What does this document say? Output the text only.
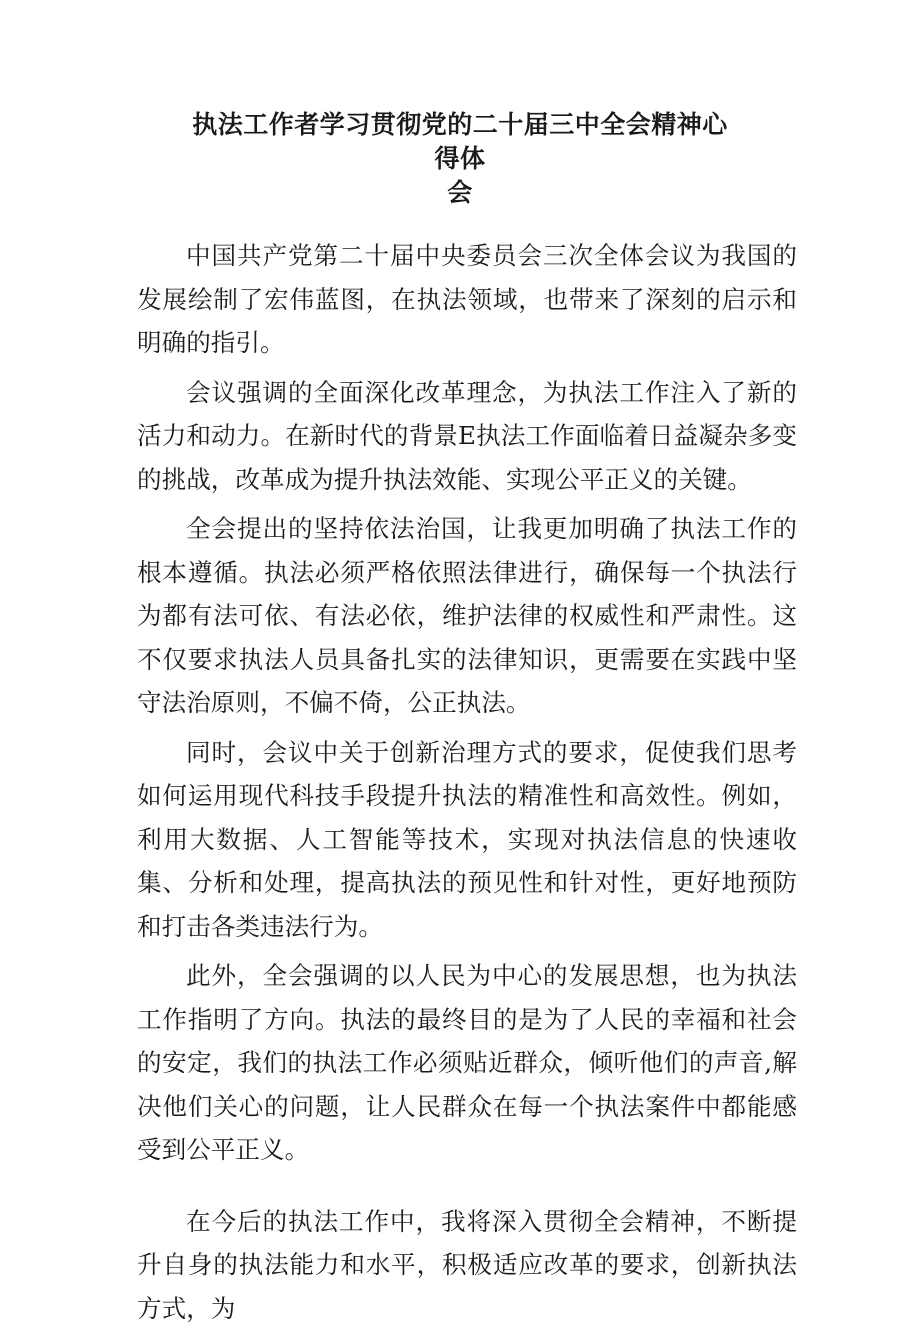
执法工作者学习贯彻党的二十届三中全会精神心得体
会

中国共产党第二十届中央委员会三次全体会议为我国的发展绘制了宏伟蓝图，在执法领域，也带来了深刻的启示和明确的指引。

会议强调的全面深化改革理念，为执法工作注入了新的活力和动力。在新时代的背景E执法工作面临着日益凝杂多变的挑战，改革成为提升执法效能、实现公平正义的关键。

全会提出的坚持依法治国，让我更加明确了执法工作的根本遵循。执法必须严格依照法律进行，确保每一个执法行为都有法可依、有法必依，维护法律的权威性和严肃性。这不仅要求执法人员具备扎实的法律知识，更需要在实践中坚守法治原则，不偏不倚，公正执法。

同时，会议中关于创新治理方式的要求，促使我们思考如何运用现代科技手段提升执法的精准性和高效性。例如，利用大数据、人工智能等技术，实现对执法信息的快速收集、分析和处理，提高执法的预见性和针对性，更好地预防和打击各类违法行为。

此外，全会强调的以人民为中心的发展思想，也为执法工作指明了方向。执法的最终目的是为了人民的幸福和社会的安定，我们的执法工作必须贴近群众，倾听他们的声音,解决他们关心的问题，让人民群众在每一个执法案件中都能感受到公平正义。

在今后的执法工作中，我将深入贯彻全会精神，不断提升自身的执法能力和水平，积极适应改革的要求，创新执法方式，为
